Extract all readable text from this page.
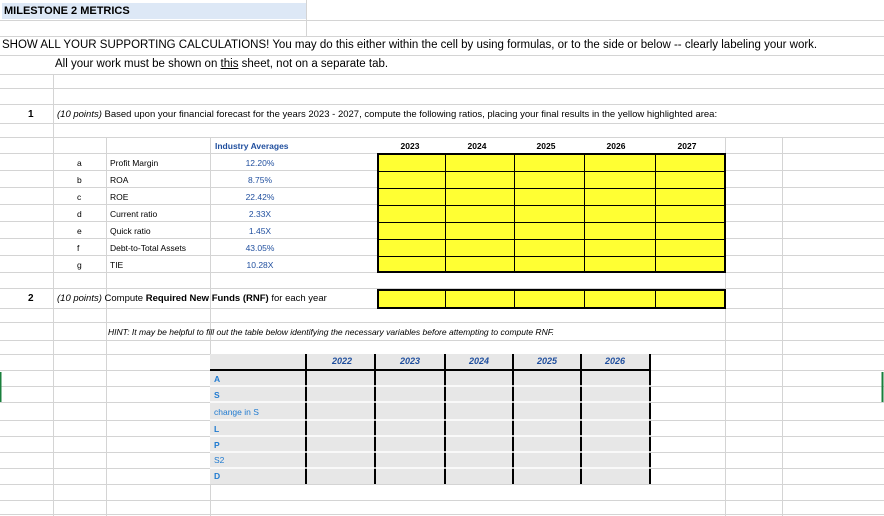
MILESTONE 2 METRICS
SHOW ALL YOUR SUPPORTING CALCULATIONS! You may do this either within the cell by using formulas, or to the side or below -- clearly labeling your work.
All your work must be shown on this sheet, not on a separate tab.
1 (10 points) Based upon your financial forecast for the years 2023 - 2027, compute the following ratios, placing your final results in the yellow highlighted area:
Industry Averages	2023	2024	2025	2026	2027
a	Profit Margin	12.20%
b	ROA	8.75%
c	ROE	22.42%
d	Current ratio	2.33X
e	Quick ratio	1.45X
f	Debt-to-Total Assets	43.05%
g	TIE	10.28X
2 (10 points) Compute Required New Funds (RNF) for each year
HINT: It may be helpful to fill out the table below identifying the necessary variables before attempting to compute RNF.
2022	2023	2024	2025	2026
A
S
change in S
L
P
S2
D
